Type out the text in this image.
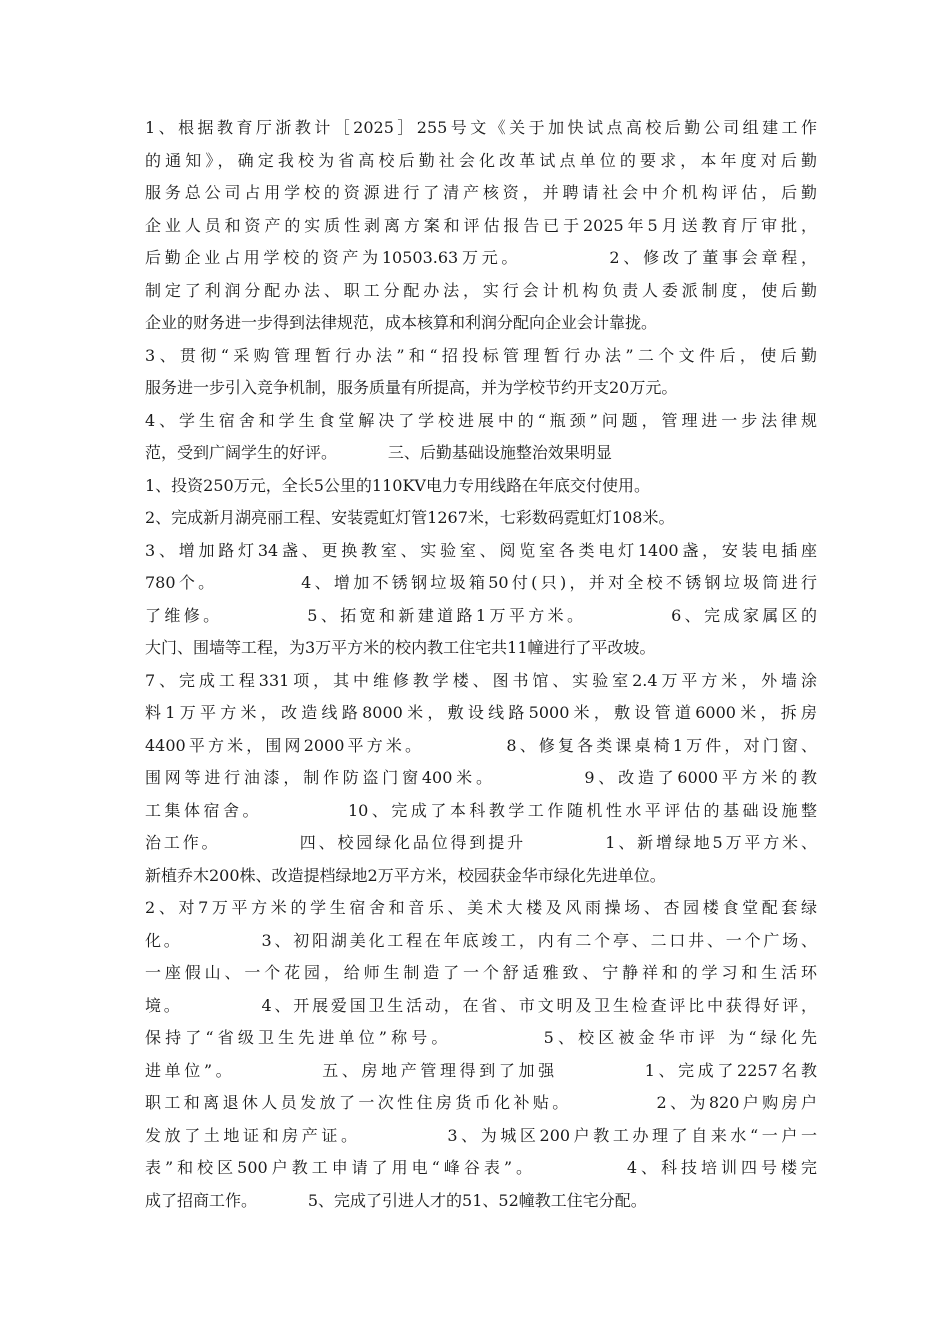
1、根据教育厅浙教计［2025］255号文《关于加快试点高校后勤公司组建工作
的通知》，确定我校为省高校后勤社会化改革试点单位的要求，本年度对后勤
服务总公司占用学校的资源进行了清产核资，并聘请社会中介机构评估，后勤
企业人员和资产的实质性剥离方案和评估报告已于2025年5月送教育厅审批，
后勤企业占用学校的资产为10503.63万元。          2、修改了董事会章程，
制定了利润分配办法、职工分配办法，实行会计机构负责人委派制度，使后勤
企业的财务进一步得到法律规范，成本核算和利润分配向企业会计靠拢。
3、贯彻“采购管理暂行办法”和“招投标管理暂行办法”二个文件后，使后勤
服务进一步引入竞争机制，服务质量有所提高，并为学校节约开支20万元。
4、学生宿舍和学生食堂解决了学校进展中的“瓶颈”问题，管理进一步法律规
范，受到广阔学生的好评。          三、后勤基础设施整治效果明显
1、投资250万元，全长5公里的110KV电力专用线路在年底交付使用。
2、完成新月湖亮丽工程、安装霓虹灯管1267米，七彩数码霓虹灯108米。
3、增加路灯34盏、更换教室、实验室、阅览室各类电灯1400盏，安装电插座
780个。          4、增加不锈钢垃圾箱50付(只)，并对全校不锈钢垃圾筒进行
了维修。          5、拓宽和新建道路1万平方米。          6、完成家属区的
大门、围墙等工程，为3万平方米的校内教工住宅共11幢进行了平改坡。
7、完成工程331项，其中维修教学楼、图书馆、实验室2.4万平方米，外墙涂
料1万平方米，改造线路8000米，敷设线路5000米，敷设管道6000米，拆房
4400平方米，围网2000平方米。          8、修复各类课桌椅1万件，对门窗、
围网等进行油漆，制作防盗门窗400米。          9、改造了6000平方米的教
工集体宿舍。          10、完成了本科教学工作随机性水平评估的基础设施整
治工作。          四、校园绿化品位得到提升          1、新增绿地5万平方米、
新植乔木200株、改造提档绿地2万平方米，校园获金华市绿化先进单位。
2、对7万平方米的学生宿舍和音乐、美术大楼及风雨操场、杏园楼食堂配套绿
化。          3、初阳湖美化工程在年底竣工，内有二个亭、二口井、一个广场、
一座假山、一个花园，给师生制造了一个舒适雅致、宁静祥和的学习和生活环
境。          4、开展爱国卫生活动，在省、市文明及卫生检查评比中获得好评，
保持了“省级卫生先进单位”称号。          5、校区被金华市评 为“绿化先
进单位”。          五、房地产管理得到了加强          1、完成了2257名教
职工和离退休人员发放了一次性住房货币化补贴。          2、为820户购房户
发放了土地证和房产证。          3、为城区200户教工办理了自来水“一户一
表”和校区500户教工申请了用电“峰谷表”。          4、科技培训四号楼完
成了招商工作。          5、完成了引进人才的51、52幢教工住宅分配。
